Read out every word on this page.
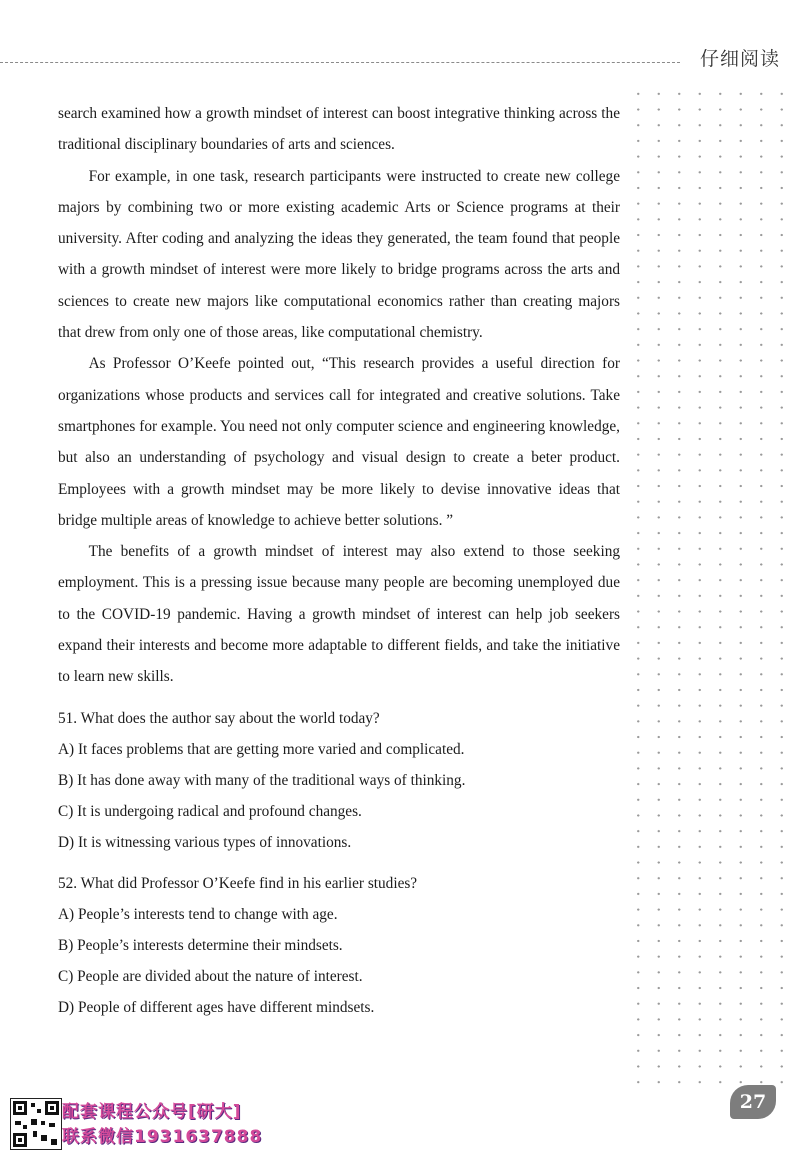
仔细阅读

search examined how a growth mindset of interest can boost integrative thinking across the traditional disciplinary boundaries of arts and sciences.

For example, in one task, research participants were instructed to create new college majors by combining two or more existing academic Arts or Science programs at their university. After coding and analyzing the ideas they generated, the team found that people with a growth mindset of interest were more likely to bridge programs across the arts and sciences to create new majors like computational economics rather than creating majors that drew from only one of those areas, like computational chemistry.

As Professor O’Keefe pointed out, “This research provides a useful direction for organizations whose products and services call for integrated and creative solutions. Take smartphones for example. You need not only computer science and engineering knowledge, but also an understanding of psychology and visual design to create a beter product. Employees with a growth mindset may be more likely to devise innovative ideas that bridge multiple areas of knowledge to achieve better solutions. ”

The benefits of a growth mindset of interest may also extend to those seeking employment. This is a pressing issue because many people are becoming unemployed due to the COVID-19 pandemic. Having a growth mindset of interest can help job seekers expand their interests and become more adaptable to different fields, and take the initiative to learn new skills.

51. What does the author say about the world today?

A) It faces problems that are getting more varied and complicated.

B) It has done away with many of the traditional ways of thinking.

C) It is undergoing radical and profound changes.

D) It is witnessing various types of innovations.

52. What did Professor O’Keefe find in his earlier studies?

A) People’s interests tend to change with age.

B) People’s interests determine their mindsets.

C) People are divided about the nature of interest.

D) People of different ages have different mindsets.

27
配套课程公众号[研大]
联系微信1931637888
